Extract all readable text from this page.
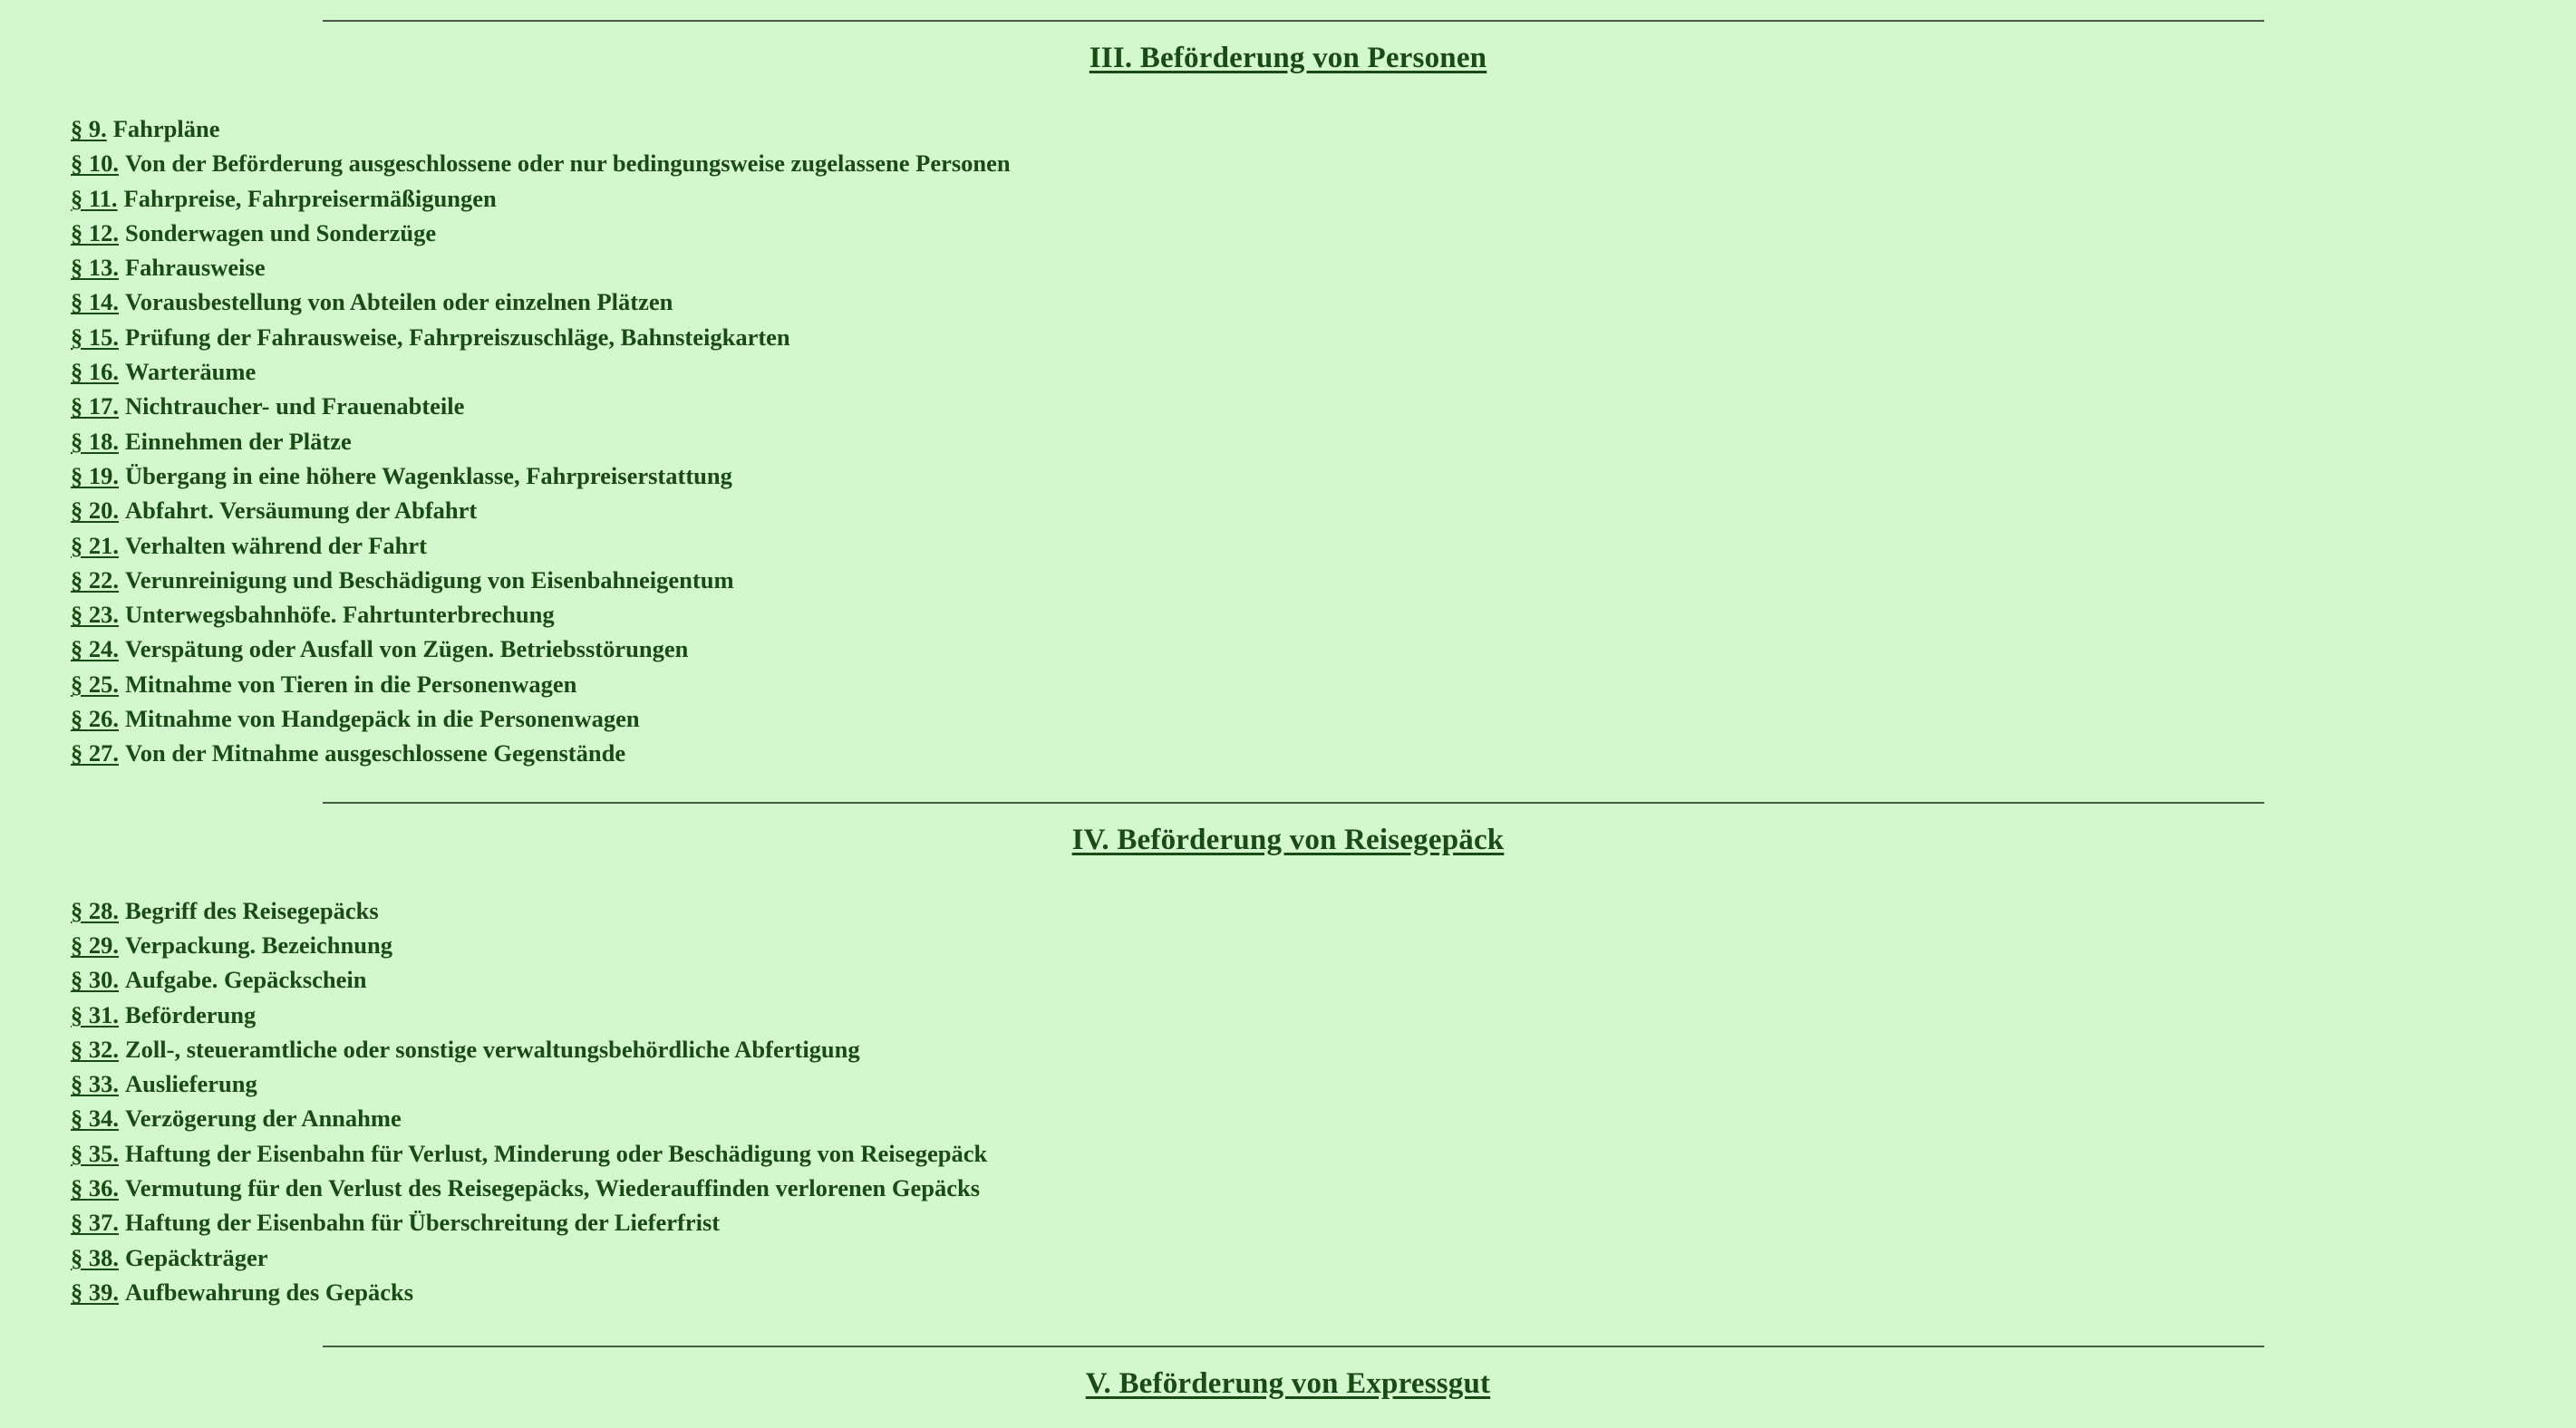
III. Beförderung von Personen
§ 9. Fahrpläne
§ 10. Von der Beförderung ausgeschlossene oder nur bedingungsweise zugelassene Personen
§ 11. Fahrpreise, Fahrpreisermäßigungen
§ 12. Sonderwagen und Sonderzüge
§ 13. Fahrausweise
§ 14. Vorausbestellung von Abteilen oder einzelnen Plätzen
§ 15. Prüfung der Fahrausweise, Fahrpreiszuschläge, Bahnsteigkarten
§ 16. Warteräume
§ 17. Nichtraucher- und Frauenabteile
§ 18. Einnehmen der Plätze
§ 19. Übergang in eine höhere Wagenklasse, Fahrpreiserstattung
§ 20. Abfahrt. Versäumung der Abfahrt
§ 21. Verhalten während der Fahrt
§ 22. Verunreinigung und Beschädigung von Eisenbahneigentum
§ 23. Unterwegsbahnhöfe. Fahrtunterbrechung
§ 24. Verspätung oder Ausfall von Zügen. Betriebsstörungen
§ 25. Mitnahme von Tieren in die Personenwagen
§ 26. Mitnahme von Handgepäck in die Personenwagen
§ 27. Von der Mitnahme ausgeschlossene Gegenstände
IV. Beförderung von Reisegepäck
§ 28. Begriff des Reisegepäcks
§ 29. Verpackung. Bezeichnung
§ 30. Aufgabe. Gepäckschein
§ 31. Beförderung
§ 32. Zoll-, steueramtliche oder sonstige verwaltungsbehördliche Abfertigung
§ 33. Auslieferung
§ 34. Verzögerung der Annahme
§ 35. Haftung der Eisenbahn für Verlust, Minderung oder Beschädigung von Reisegepäck
§ 36. Vermutung für den Verlust des Reisegepäcks, Wiederauffinden verlorenen Gepäcks
§ 37. Haftung der Eisenbahn für Überschreitung der Lieferfrist
§ 38. Gepäckträger
§ 39. Aufbewahrung des Gepäcks
V. Beförderung von Expressgut
